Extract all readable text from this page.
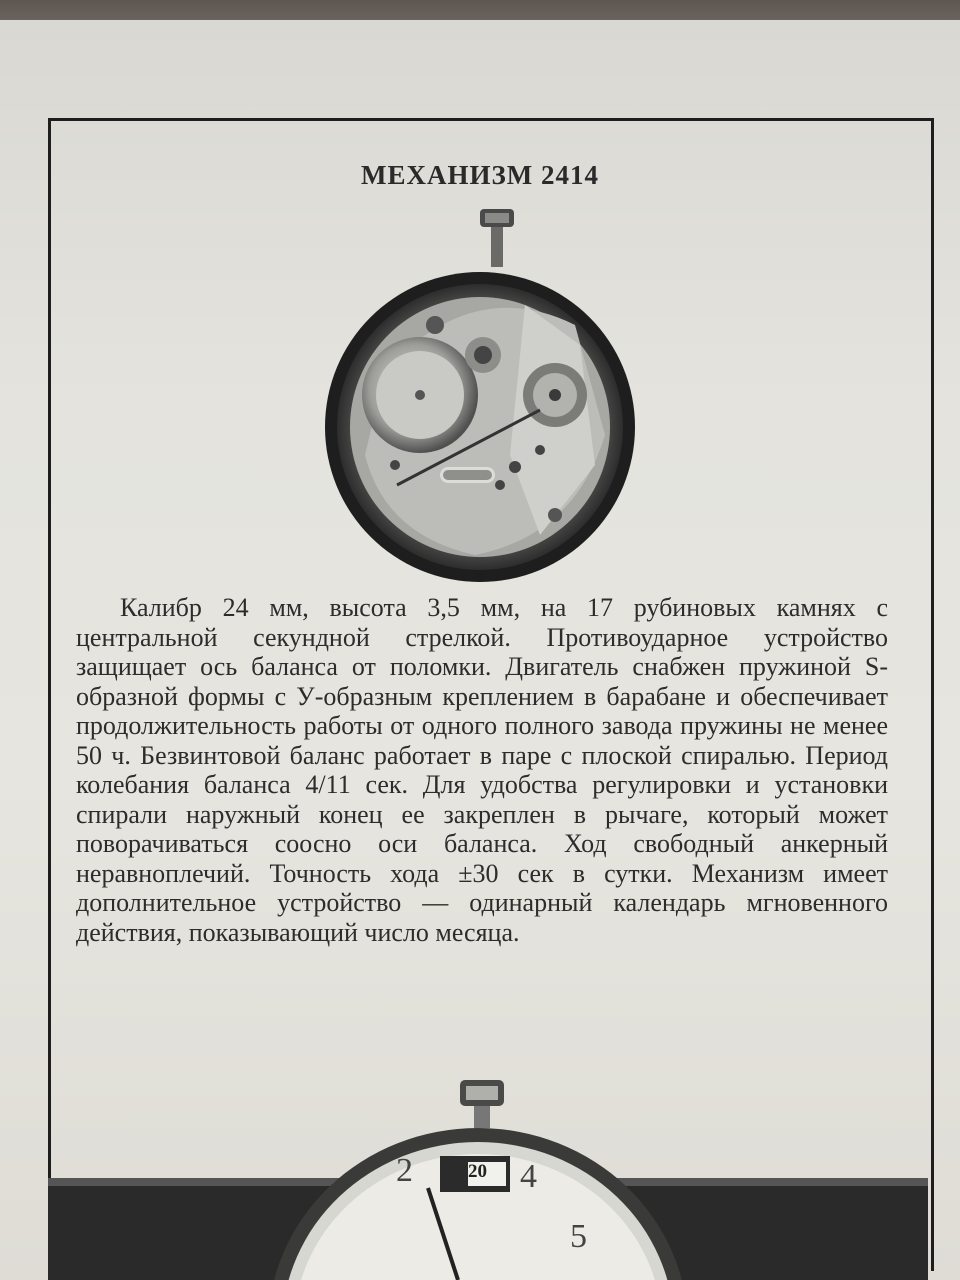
МЕХАНИЗМ 2414

Калибр 24 мм, высота 3,5 мм, на 17 рубиновых камнях с центральной секундной стрелкой. Противоударное устройство защищает ось баланса от поломки. Двигатель снабжен пружиной S-образной формы с У-образным креплением в барабане и обеспечивает продолжительность работы от одного полного завода пружины не менее 50 ч. Безвинтовой баланс работает в паре с плоской спиралью. Период колебания баланса 4/11 сек. Для удобства регулировки и установки спирали наружный конец ее закреплен в рычаге, который может поворачиваться соосно оси баланса. Ход свободный анкерный неравноплечий. Точность хода ±30 сек в сутки. Механизм имеет дополнительное устройство — одинарный календарь мгновенного действия, показывающий число месяца.

20
2	4
5
